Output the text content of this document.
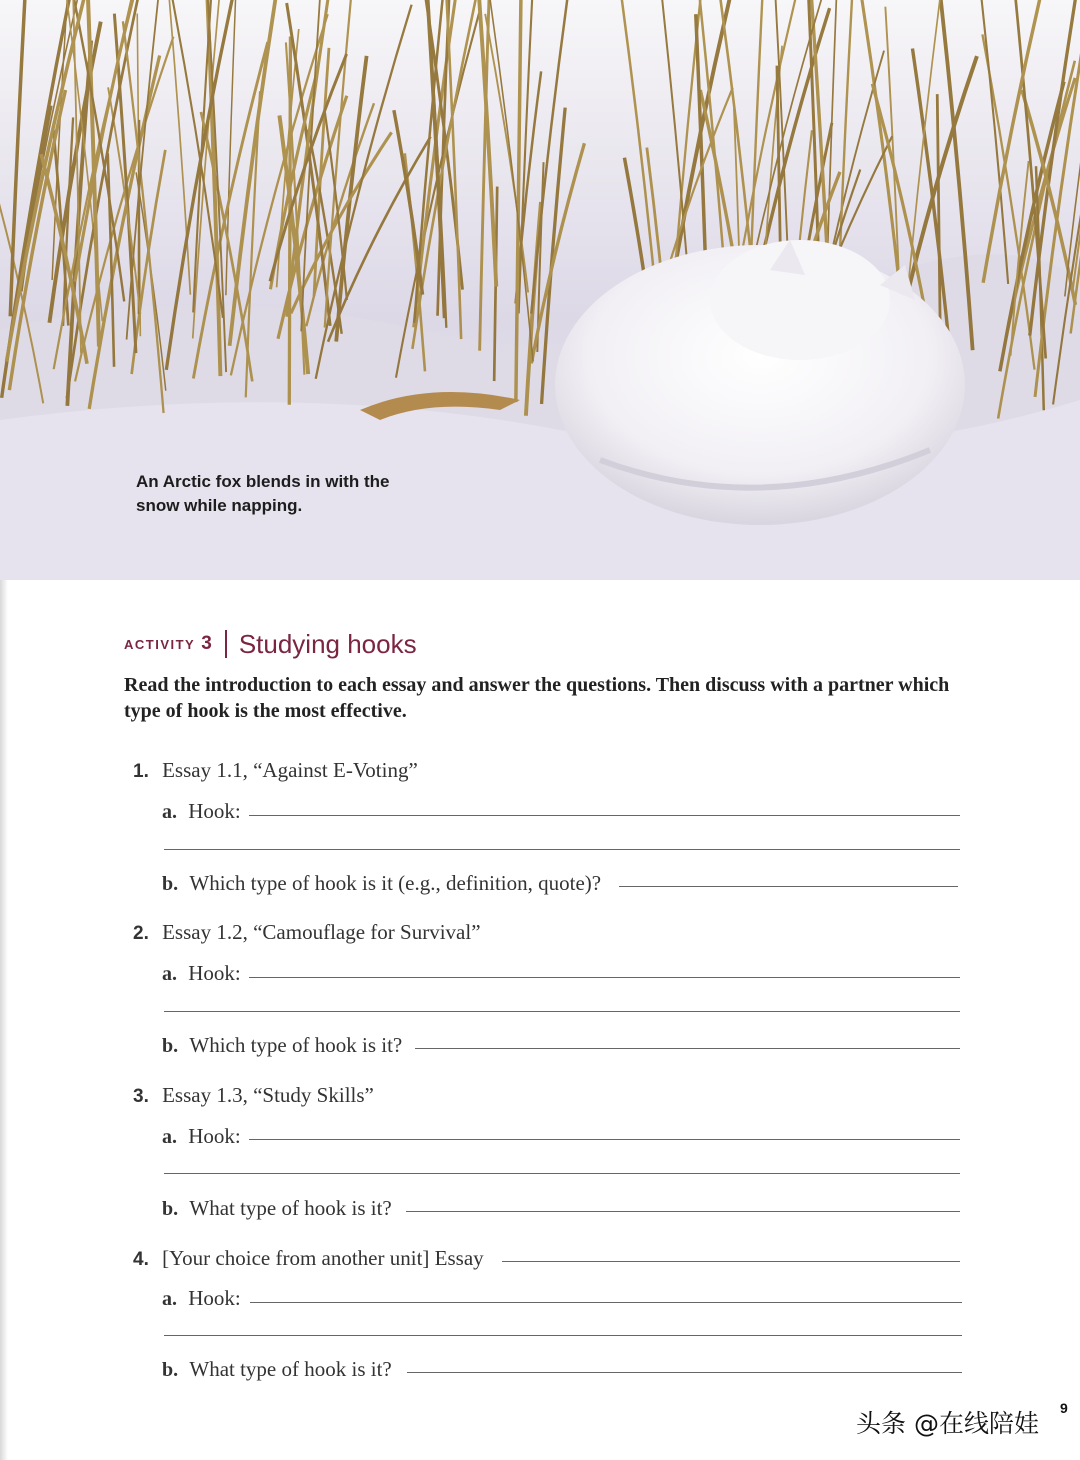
An Arctic fox blends in with the snow while napping.
activity 3 Studying hooks
Read the introduction to each essay and answer the questions. Then discuss with a partner which type of hook is the most effective.
1. Essay 1.1, “Against E-Voting”
a. Hook:
b. Which type of hook is it (e.g., definition, quote)?
2. Essay 1.2, “Camouflage for Survival”
a. Hook:
b. Which type of hook is it?
3. Essay 1.3, “Study Skills”
a. Hook:
b. What type of hook is it?
4. [Your choice from another unit] Essay
a. Hook:
b. What type of hook is it?
头条 @在线陪娃
9
